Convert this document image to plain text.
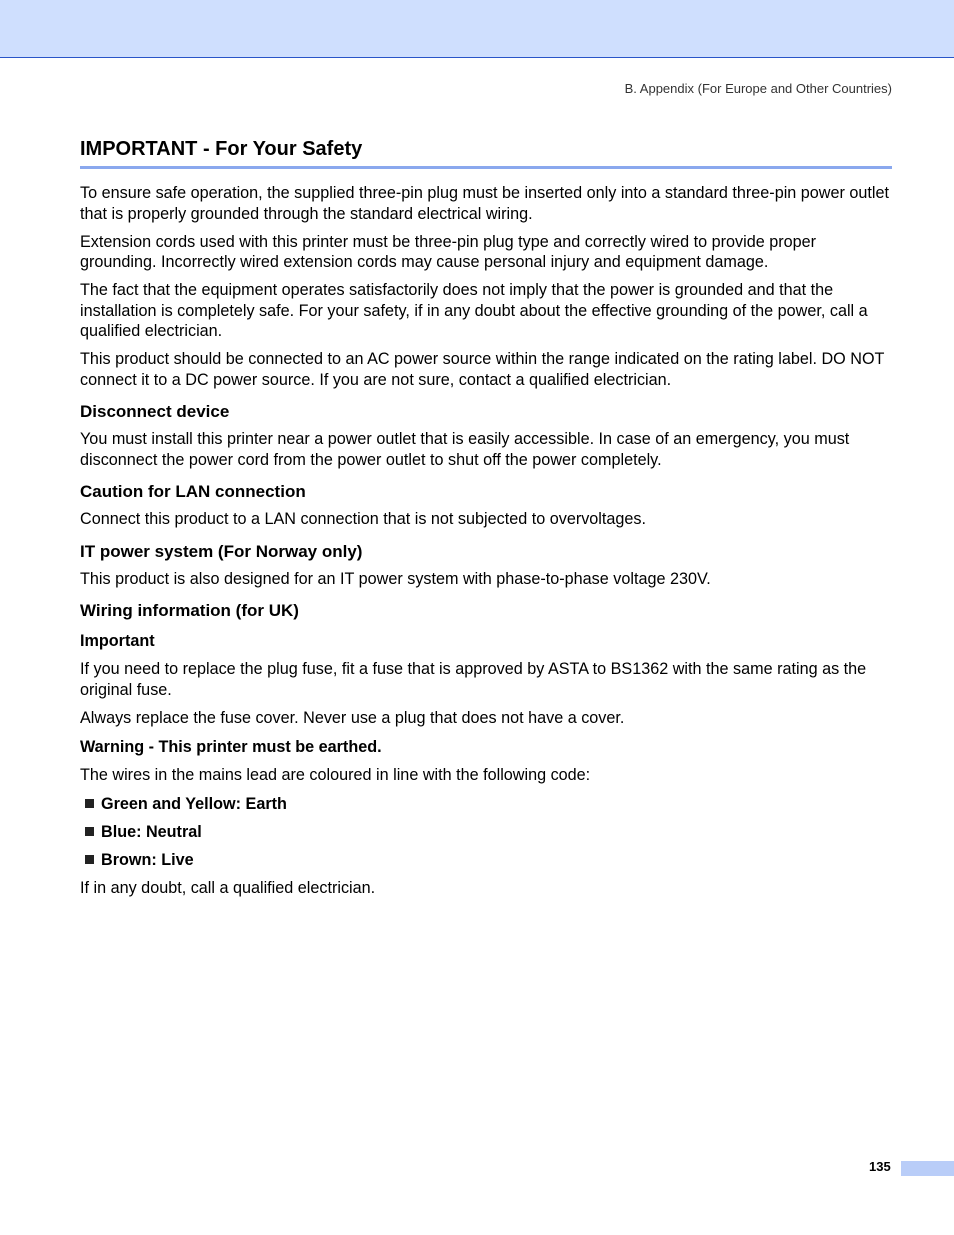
B. Appendix (For Europe and Other Countries)
IMPORTANT - For Your Safety

To ensure safe operation, the supplied three-pin plug must be inserted only into a standard three-pin power outlet that is properly grounded through the standard electrical wiring.

Extension cords used with this printer must be three-pin plug type and correctly wired to provide proper grounding. Incorrectly wired extension cords may cause personal injury and equipment damage.

The fact that the equipment operates satisfactorily does not imply that the power is grounded and that the installation is completely safe. For your safety, if in any doubt about the effective grounding of the power, call a qualified electrician.

This product should be connected to an AC power source within the range indicated on the rating label. DO NOT connect it to a DC power source. If you are not sure, contact a qualified electrician.

Disconnect device

You must install this printer near a power outlet that is easily accessible. In case of an emergency, you must disconnect the power cord from the power outlet to shut off the power completely.

Caution for LAN connection

Connect this product to a LAN connection that is not subjected to overvoltages.

IT power system (For Norway only)

This product is also designed for an IT power system with phase-to-phase voltage 230V.

Wiring information (for UK)
Important

If you need to replace the plug fuse, fit a fuse that is approved by ASTA to BS1362 with the same rating as the original fuse.

Always replace the fuse cover. Never use a plug that does not have a cover.

Warning - This printer must be earthed.

The wires in the mains lead are coloured in line with the following code:

Green and Yellow: Earth
Blue: Neutral
Brown: Live

If in any doubt, call a qualified electrician.

135
